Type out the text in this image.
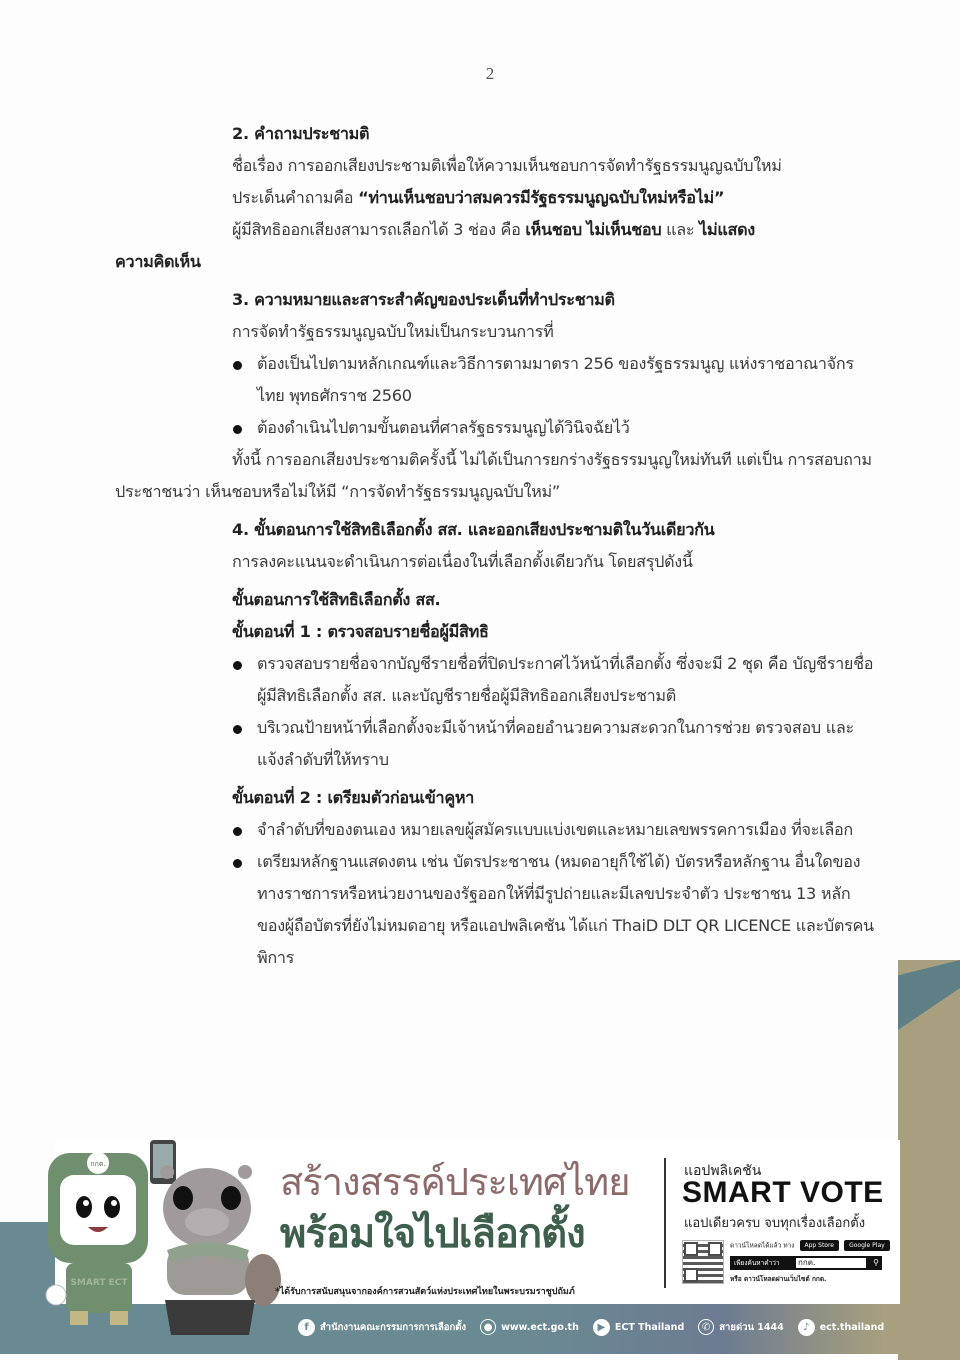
2
2. คำถามประชามติ
ชื่อเรื่อง การออกเสียงประชามติเพื่อให้ความเห็นชอบการจัดทำรัฐธรรมนูญฉบับใหม่
ประเด็นคำถามคือ “ท่านเห็นชอบว่าสมควรมีรัฐธรรมนูญฉบับใหม่หรือไม่”
ผู้มีสิทธิออกเสียงสามารถเลือกได้ 3 ช่อง คือ เห็นชอบ ไม่เห็นชอบ และ ไม่แสดง
ความคิดเห็น
3. ความหมายและสาระสำคัญของประเด็นที่ทำประชามติ
การจัดทำรัฐธรรมนูญฉบับใหม่เป็นกระบวนการที่
ต้องเป็นไปตามหลักเกณฑ์และวิธีการตามมาตรา 256 ของรัฐธรรมนูญ แห่งราชอาณาจักรไทย พุทธศักราช 2560
ต้องดำเนินไปตามขั้นตอนที่ศาลรัฐธรรมนูญได้วินิจฉัยไว้
ทั้งนี้ การออกเสียงประชามติครั้งนี้ ไม่ได้เป็นการยกร่างรัฐธรรมนูญใหม่ทันที แต่เป็น การสอบถามประชาชนว่า เห็นชอบหรือไม่ให้มี “การจัดทำรัฐธรรมนูญฉบับใหม่”
4. ขั้นตอนการใช้สิทธิเลือกตั้ง สส. และออกเสียงประชามติในวันเดียวกัน
การลงคะแนนจะดำเนินการต่อเนื่องในที่เลือกตั้งเดียวกัน โดยสรุปดังนี้
ขั้นตอนการใช้สิทธิเลือกตั้ง สส.
ขั้นตอนที่ 1 : ตรวจสอบรายชื่อผู้มีสิทธิ
ตรวจสอบรายชื่อจากบัญชีรายชื่อที่ปิดประกาศไว้หน้าที่เลือกตั้ง ซึ่งจะมี 2 ชุด คือ บัญชีรายชื่อผู้มีสิทธิเลือกตั้ง สส. และบัญชีรายชื่อผู้มีสิทธิออกเสียงประชามติ
บริเวณป้ายหน้าที่เลือกตั้งจะมีเจ้าหน้าที่คอยอำนวยความสะดวกในการช่วย ตรวจสอบ และแจ้งลำดับที่ให้ทราบ
ขั้นตอนที่ 2 : เตรียมตัวก่อนเข้าคูหา
จำลำดับที่ของตนเอง หมายเลขผู้สมัครแบบแบ่งเขตและหมายเลขพรรคการเมือง ที่จะเลือก
เตรียมหลักฐานแสดงตน เช่น บัตรประชาชน (หมดอายุก็ใช้ได้) บัตรหรือหลักฐาน อื่นใดของทางราชการหรือหน่วยงานของรัฐออกให้ที่มีรูปถ่ายและมีเลขประจำตัว ประชาชน 13 หลัก ของผู้ถือบัตรที่ยังไม่หมดอายุ หรือแอปพลิเคชัน ได้แก่ ThaiD DLT QR LICENCE และบัตรคนพิการ
กกต.
SMART ECT
สร้างสรรค์ประเทศไทย
พร้อมใจไปเลือกตั้ง
*ได้รับการสนับสนุนจากองค์การสวนสัตว์แห่งประเทศไทยในพระบรมราชูปถัมภ์
แอปพลิเคชัน
SMART VOTE
แอปเดียวครบ จบทุกเรื่องเลือกตั้ง
ดาวน์โหลดได้แล้ว ทาง App Store	Google Play
เพียงค้นหาคำว่า กกต.	⚲
หรือ ดาวน์โหลดผ่านเว็บไซต์ กกต.
f	สำนักงานคณะกรรมการการเลือกตั้ง	● www.ect.go.th	▶	ECT Thailand	✆ สายด่วน 1444	♪	ect.thailand
